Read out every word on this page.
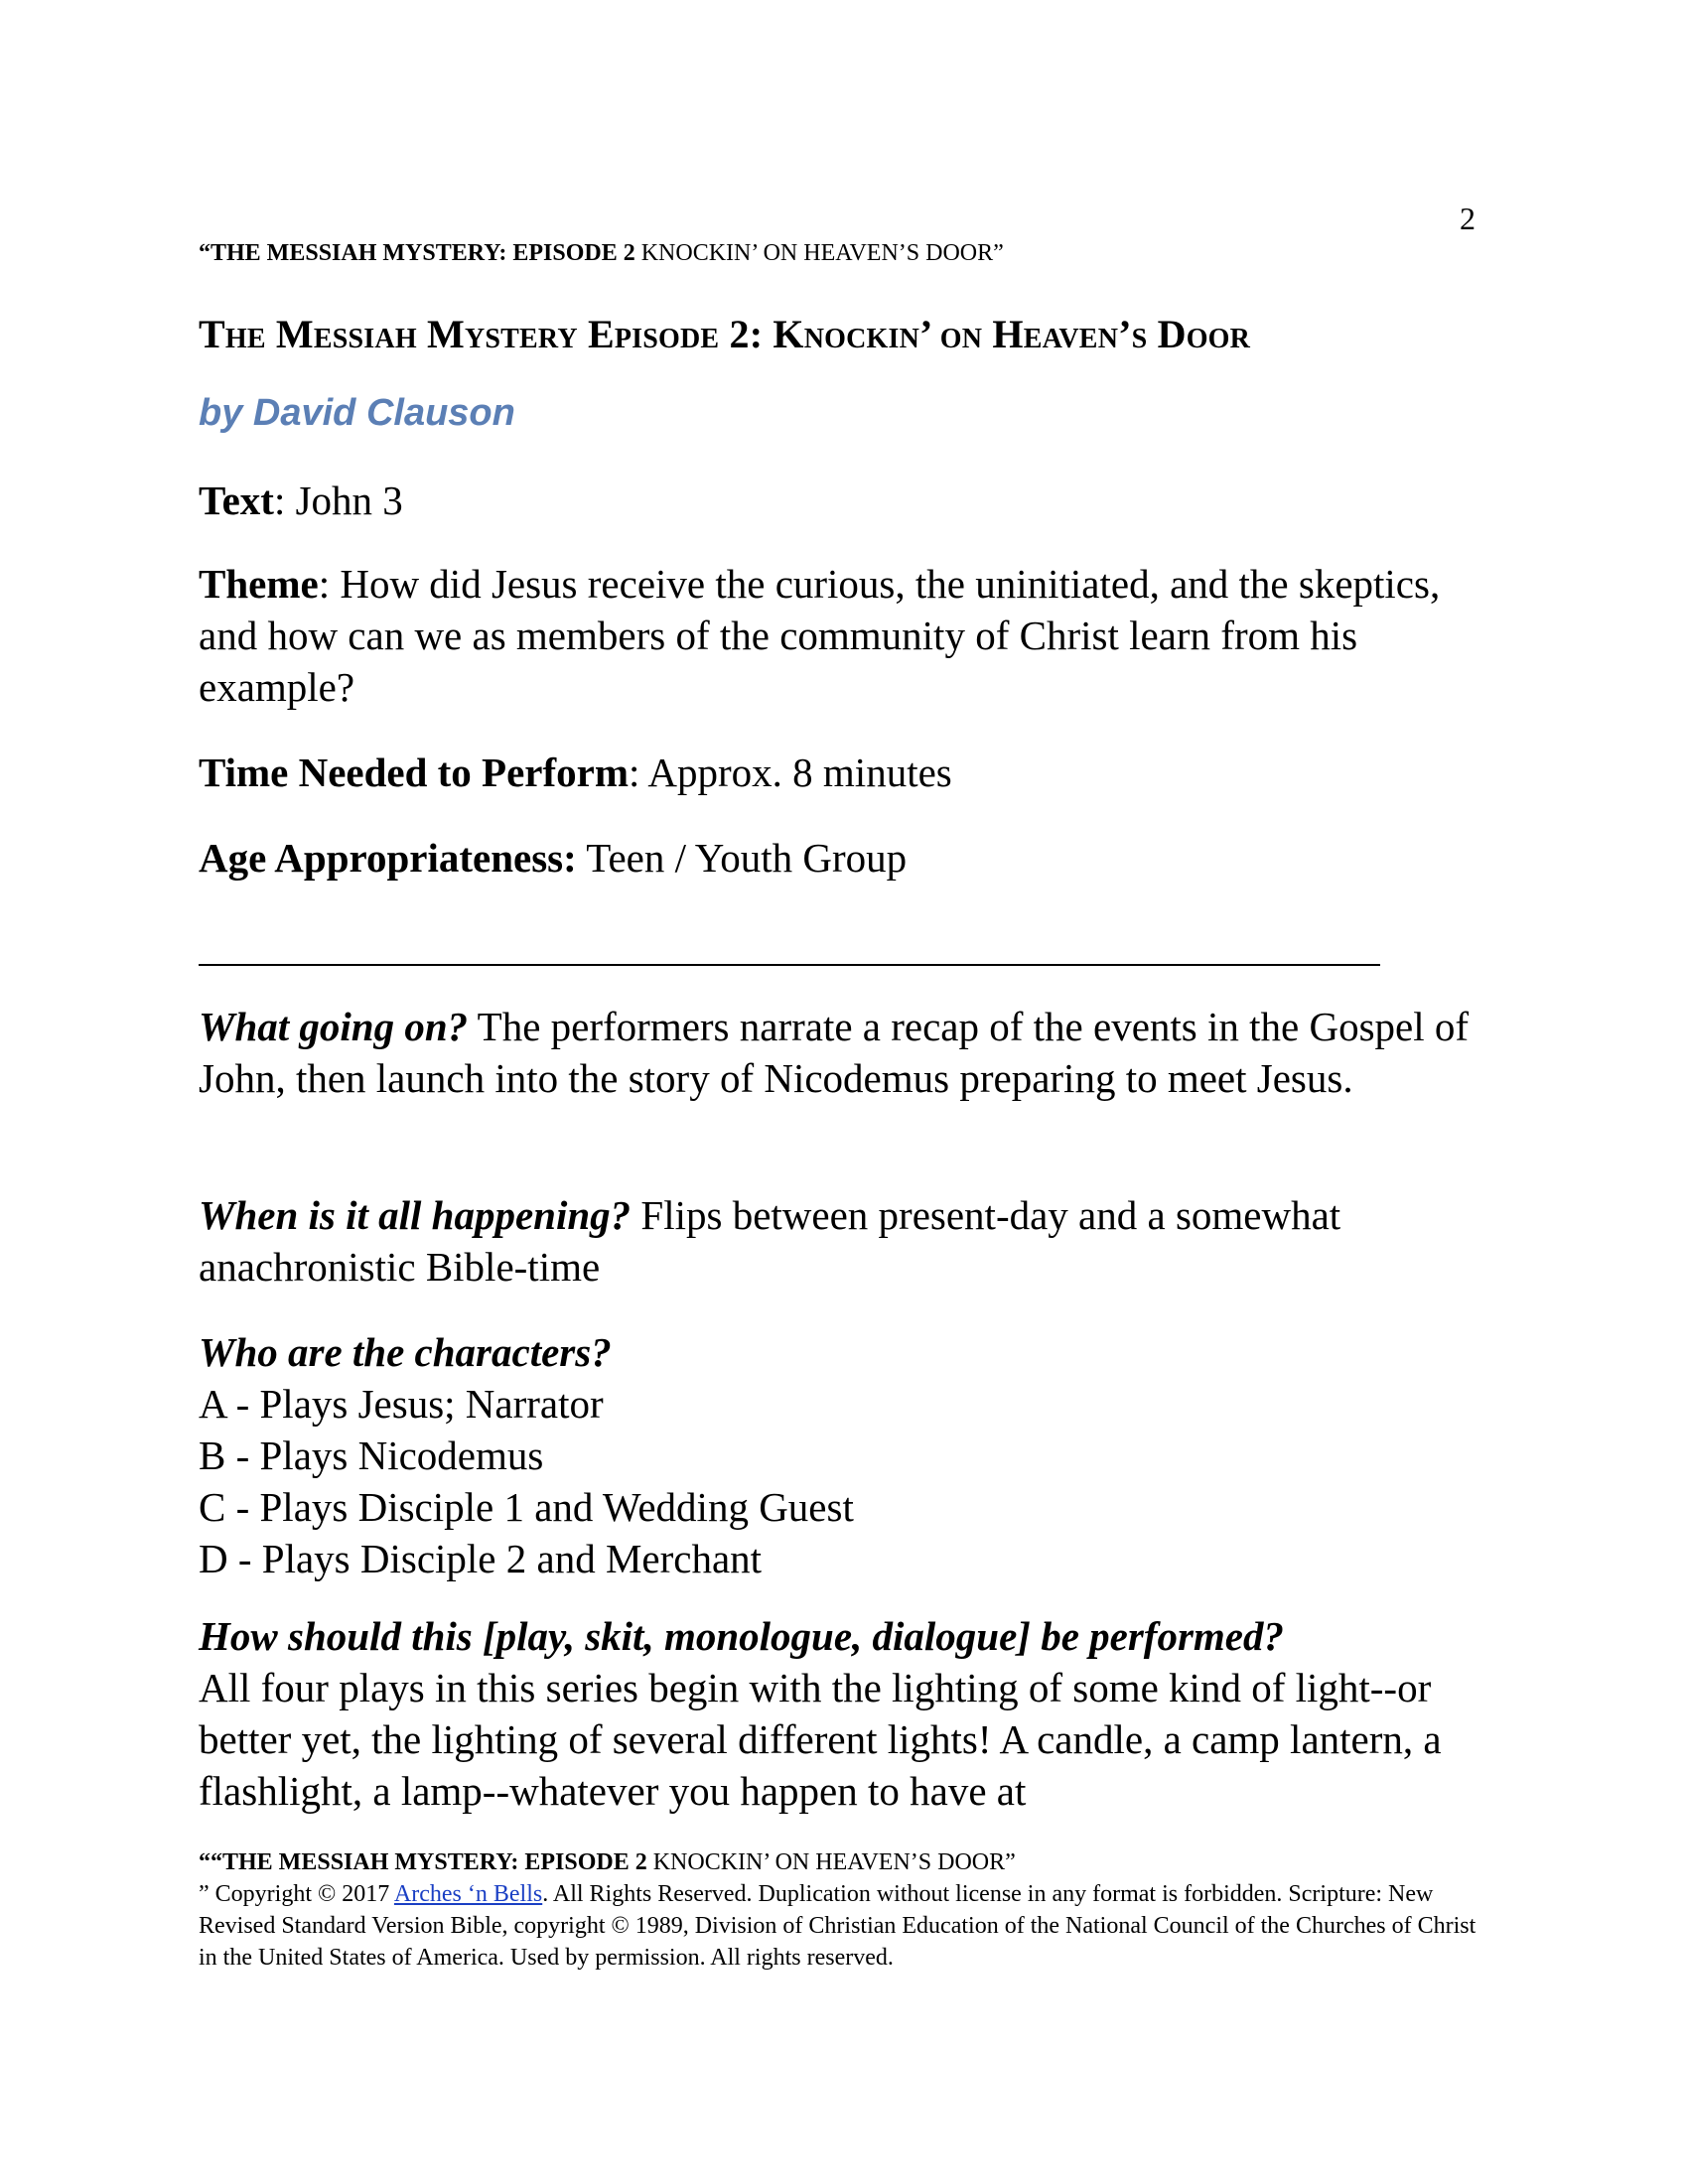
2
“THE MESSIAH MYSTERY: EPISODE 2 KNOCKIN’ ON HEAVEN’S DOOR”
The Messiah Mystery Episode 2: Knockin’ on Heaven’s Door
by David Clauson
Text: John 3
Theme: How did Jesus receive the curious, the uninitiated, and the skeptics, and how can we as members of the community of Christ learn from his example?
Time Needed to Perform: Approx. 8 minutes
Age Appropriateness: Teen / Youth Group
What going on? The performers narrate a recap of the events in the Gospel of John, then launch into the story of Nicodemus preparing to meet Jesus.
When is it all happening? Flips between present-day and a somewhat anachronistic Bible-time
Who are the characters?
A - Plays Jesus; Narrator
B - Plays Nicodemus
C - Plays Disciple 1 and Wedding Guest
D - Plays Disciple 2 and Merchant
How should this [play, skit, monologue, dialogue] be performed?
All four plays in this series begin with the lighting of some kind of light--or better yet, the lighting of several different lights! A candle, a camp lantern, a flashlight, a lamp--whatever you happen to have at
““THE MESSIAH MYSTERY: EPISODE 2 KNOCKIN’ ON HEAVEN’S DOOR”
” Copyright © 2017 Arches ‘n Bells. All Rights Reserved. Duplication without license in any format is forbidden. Scripture: New Revised Standard Version Bible, copyright © 1989, Division of Christian Education of the National Council of the Churches of Christ in the United States of America. Used by permission. All rights reserved.
